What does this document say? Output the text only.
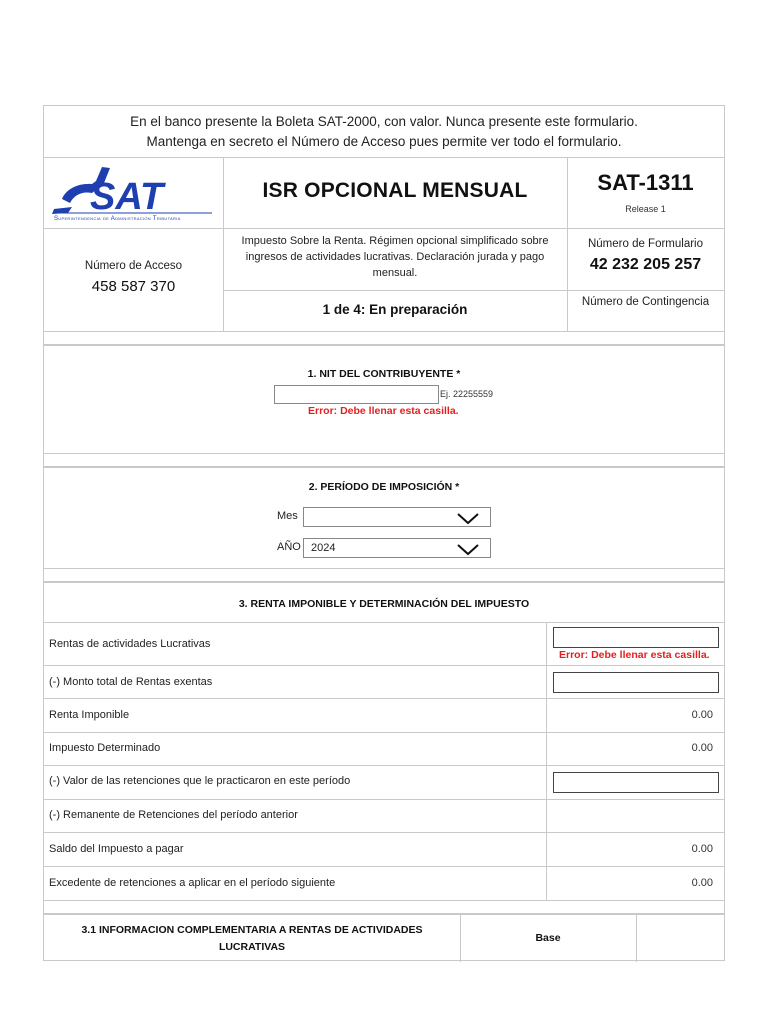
En el banco presente la Boleta SAT-2000, con valor. Nunca presente este formulario.
Mantenga en secreto el Número de Acceso pues permite ver todo el formulario.
SAT
Superintendencia de Administración Tributaria
ISR OPCIONAL MENSUAL	SAT-1311
Release 1
Número de Acceso
458 587 370
Impuesto Sobre la Renta. Régimen opcional simplificado sobre ingresos de actividades lucrativas. Declaración jurada y pago mensual.
Número de Formulario
42 232 205 257
1 de 4: En preparación	Número de Contingencia
1. NIT DEL CONTRIBUYENTE *
Ej. 22255559
Error: Debe llenar esta casilla.
2. PERÍODO DE IMPOSICIÓN *
Mes
AÑO 2024
3. RENTA IMPONIBLE Y DETERMINACIÓN DEL IMPUESTO
Rentas de actividades Lucrativas
Error: Debe llenar esta casilla.
(-) Monto total de Rentas exentas
Renta Imponible	0.00
Impuesto Determinado	0.00
(-) Valor de las retenciones que le practicaron en este período
(-) Remanente de Retenciones del período anterior
Saldo del Impuesto a pagar	0.00
Excedente de retenciones a aplicar en el período siguiente	0.00
3.1 INFORMACION COMPLEMENTARIA A RENTAS DE ACTIVIDADES LUCRATIVAS
Base
